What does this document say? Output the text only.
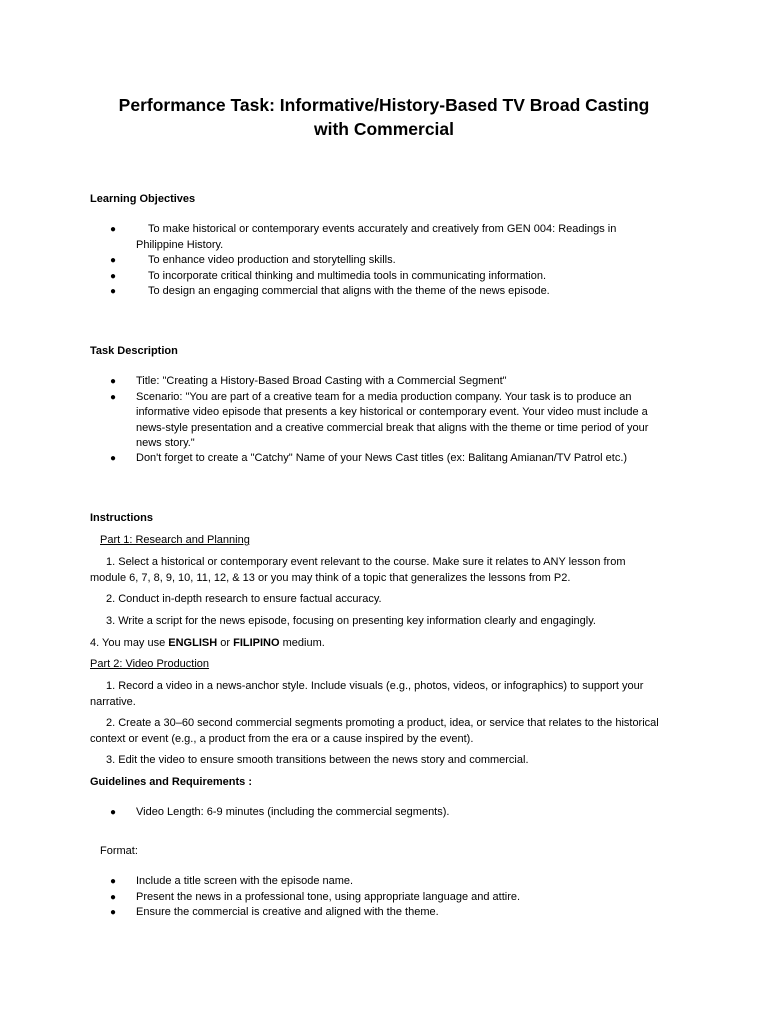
Performance Task: Informative/History-Based TV Broad Casting
with Commercial
Learning Objectives
●	To make historical or contemporary events accurately and creatively from GEN 004: Readings in
Philippine History.
●	To enhance video production and storytelling skills.
●	To incorporate critical thinking and multimedia tools in communicating information.
●	To design an engaging commercial that aligns with the theme of the news episode.
Task Description
● Title: "Creating a History-Based Broad Casting with a Commercial Segment"
● Scenario: "You are part of a creative team for a media production company. Your task is to produce an
informative video episode that presents a key historical or contemporary event. Your video must include a
news-style presentation and a creative commercial break that aligns with the theme or time period of your
news story."
● Don't forget to create a "Catchy" Name of your News Cast titles (ex: Balitang Amianan/TV Patrol etc.)
Instructions
Part 1: Research and Planning
1. Select a historical or contemporary event relevant to the course. Make sure it relates to ANY lesson from
module 6, 7, 8, 9, 10, 11, 12, & 13 or you may think of a topic that generalizes the lessons from P2.
2. Conduct in-depth research to ensure factual accuracy.
3. Write a script for the news episode, focusing on presenting key information clearly and engagingly.
4. You may use ENGLISH or FILIPINO medium.
Part 2: Video Production
1. Record a video in a news-anchor style. Include visuals (e.g., photos, videos, or infographics) to support your
narrative.
2. Create a 30–60 second commercial segments promoting a product, idea, or service that relates to the historical
context or event (e.g., a product from the era or a cause inspired by the event).
3. Edit the video to ensure smooth transitions between the news story and commercial.
Guidelines and Requirements :
● Video Length: 6-9 minutes (including the commercial segments).
Format:
● Include a title screen with the episode name.
● Present the news in a professional tone, using appropriate language and attire.
● Ensure the commercial is creative and aligned with the theme.
